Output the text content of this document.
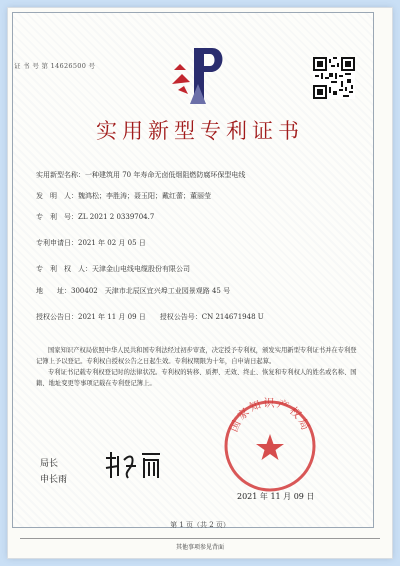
证 书 号 第 14626500 号
实用新型专利证书
实用新型名称：一种建筑用 70 年寿命无卤低烟阻燃防腐环保型电线
发　明　人：魏鸿松；李胜涛；聂玉阳；戴红蕾；董丽莹
专　利　号：ZL 2021 2 0339704.7
专利申请日：2021 年 02 月 05 日
专　利　权　人：天津金山电线电缆股份有限公司
地　　址：300402　天津市北辰区宜兴埠工业园景观路 45 号
授权公告日：2021 年 11 月 09 日　　授权公告号：CN 214671948 U

国家知识产权局依照中华人民共和国专利法经过初步审查，决定授予专利权，颁发实用新型专利证书并在专利登记簿上予以登记。专利权自授权公告之日起生效。专利权期限为十年，自申请日起算。

专利证书记载专利权登记时的法律状况。专利权的转移、质押、无效、终止、恢复和专利权人的姓名或名称、国籍、地址变更等事项记载在专利登记簿上。

国家知识产权局
2021 年 11 月 09 日
局长
申长雨
第 1 页（共 2 页）
其他事项参见背面
